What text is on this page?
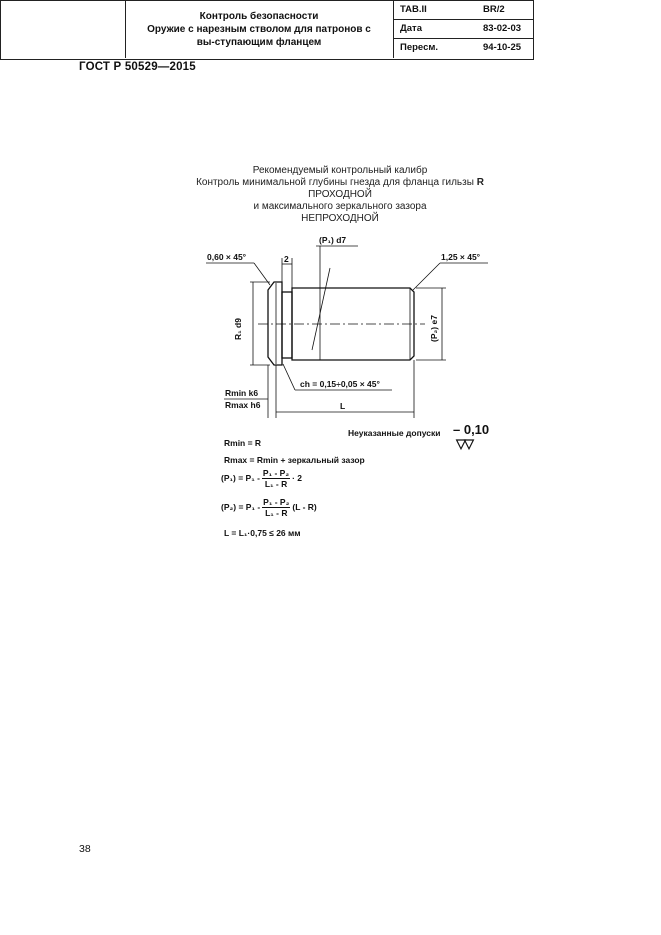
ГОСТ Р 50529—2015
Контроль безопасности
Оружие с нарезным стволом для патронов с вы-ступающим фланцем
TAB.II	BR/2
Дата	83-02-03
Пересм.	94-10-25
Рекомендуемый контрольный калибр
Контроль минимальной глубины гнезда для фланца гильзы R
ПРОХОДНОЙ
и максимального зеркального зазора
НЕПРОХОДНОЙ
R₁ d9	(P₂) e7
(P₁) d7
2
0,60 × 45°	1,25 × 45°
ch = 0,15÷0,05 × 45°
Rmin k6
Rmax h6	L
Неуказанные допуски – 0,10
▽▽
Rmin = R
Rmax = Rmin + зеркальный зазор
$(P_1) = P_1 - \frac{\text{P₁ - P₂}}{\text{L₁ - R}} \cdot 2$
$(P_2) = P_1 - \frac{\text{P₁ - P₂}}{\text{L₁ - R}} (L - R)$
L = L₁·0,75 ≤ 26 мм
38
